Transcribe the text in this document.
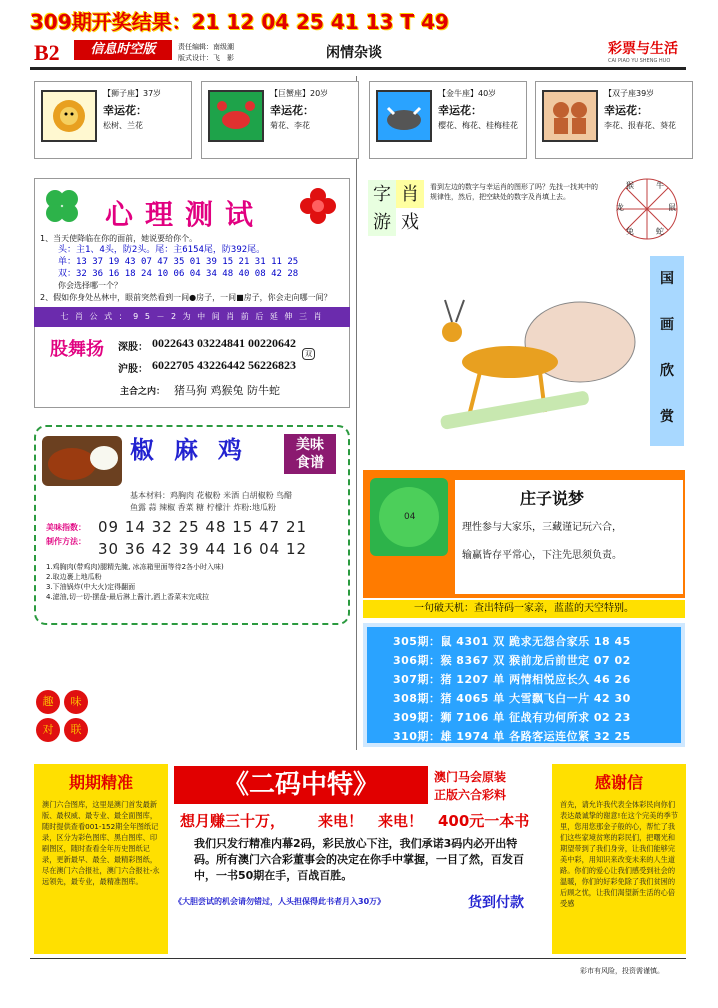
309期开奖结果：21 12 04 25 41 13 T 49
B2	信息时空版	责任编辑：南级潮
版式设计：飞　影	闲情杂谈	彩票与生活
CAI PIAO YU SHENG HUO
【狮子座】37岁
幸运花：
松树、兰花
【巨蟹座】20岁
幸运花：
菊花、李花
【金牛座】40岁
幸运花：
樱花、梅花、桂梅桂花
【双子座39岁
幸运花：
李花、报春花、葵花
心理测试
1、当天使降临在你的面前，她说要给你个。
头：主1、4头，防2头。尾：主6154尾，防392尾。
单：13 37 19 43 07 47 35 01 39 15 21 31 11 25
双：32 36 16 18 24 10 06 04 34 48 40 08 42 28
你会选择哪一个？
2、假如你身处丛林中，眼前突然看到一间●房子，一间■房子，你会走向哪一间？
七 肖 公 式 ： 9 5 － 2 为 中 间 肖 前 后 延 伸 三 肖
股舞扬	深股： 0022643 03224841 00220642
双
沪股： 6022705 43226442 56226823
主合之内： 猪马狗 鸡猴兔 防牛蛇
字 肖
游 戏
看到左边的数字与幸运肖的图形了吗？先找一找其中的规律性，然后，把空缺处的数字及肖填上去。
猴	牛
鼠
蛇
兔
龙
国
画
欣
赏
椒麻鸡	美味
食谱
基本材料：鸡胸肉 花椒粉 米酒 白胡椒粉 鸟醋
鱼露 蒜 辣椒 香菜 糖 柠檬汁 炸粉:地瓜粉
美味指数：
制作方法：
09 14 32 25 48 15 47 21
30 36 42 39 44 16 04 12
1.鸡胸肉(带鸡肉)腿精先腌, 冰冻箱里面等待2各小时入味)
2.取边裹上地瓜粉
3.下油锅炸(中大火)定得翻面
4.滤油,切一切-摆盘-最后淋上酱汁,洒上香菜末完成拉
趣	味
对	联
04
庄子说梦
理性参与大家乐，三藏谨记玩六合，
输赢皆存平常心，下注先思须负责。
一句破天机：查出特码一家亲，蓝蓝的天空特别。
305期：鼠 4301 双 跪求无怨合家乐 18 45
306期：猴 8367 双 猴前龙后前世定 07 02
307期：猪 1207 单 两情相悦应长久 46 26
308期：猪 4065 单 大雪飘飞白一片 42 30
309期：狮 7106 单 征战有功何所求 02 23
310期：雄 1974 单 各路客运连位紧 32 25
期期精准
澳门六合图库，这里是澳门首发最新版、最权威、最专业、最全面图库，随时提供查看001-152期全年图纸记录，区分为彩色图库、黑白图库、印刷图区，随时查看全年历史图纸记录，更新最早、最全、最精彩图纸，尽在澳门六合报社，澳门六合报社-永远领先，最专业，最精准图库。
《二码中特》	澳门马会原装
正版六合彩料
想月赚三十万， 来电！ 来电！ 400元一本书
我们只发行精准内幕2码，彩民放心下注，我们承诺3码内必开出特码。所有澳门六合彩董事会的决定在你手中掌握，一目了然，百发百中，一书50期在手，百战百胜。
《大胆尝试的机会请勿错过，人头担保得此书者月入30万》	货到付款
感谢信
首先，请允许我代表全体彩民向你们表达最诚挚的谢意!在这个完美的季节里，您用您那金子般的心，帮忙了我们这些家境贫寒的彩民们，把曙光和期望带到了我们身旁，让我们能够完美中彩，用知识来改变未来的人生道路。你们的爱心让我们感受到社会的温暖，你们的好彩免除了我们贫困的后顾之忧，让我们渴望新生活的心倍受感
彩市有风险，投资需谨慎。
